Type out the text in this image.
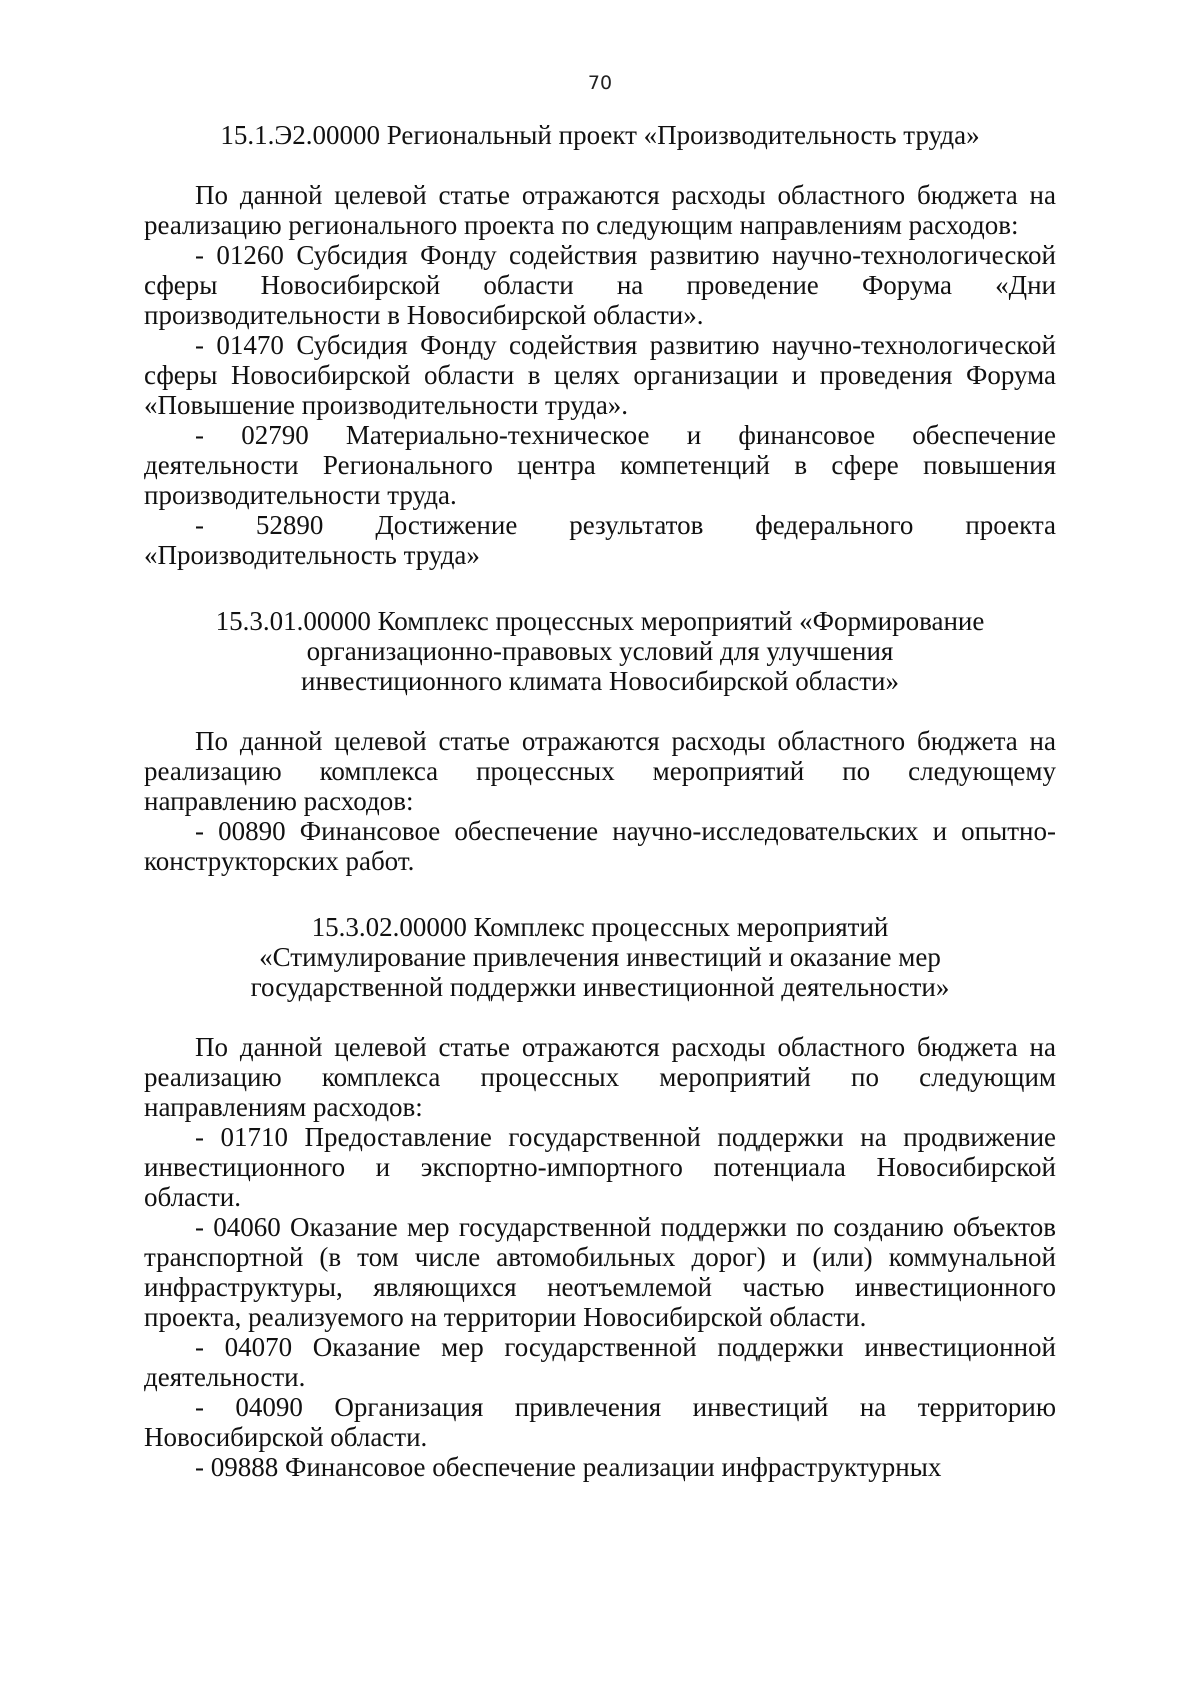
70

15.1.Э2.00000 Региональный проект «Производительность труда»

По данной целевой статье отражаются расходы областного бюджета на реализацию регионального проекта по следующим направлениям расходов:

- 01260 Субсидия Фонду содействия развитию научно-технологической сферы Новосибирской области на проведение Форума «Дни производительности в Новосибирской области».

- 01470 Субсидия Фонду содействия развитию научно-технологической сферы Новосибирской области в целях организации и проведения Форума «Повышение производительности труда».

- 02790 Материально-техническое и финансовое обеспечение деятельности Регионального центра компетенций в сфере повышения производительности труда.

- 52890 Достижение результатов федерального проекта «Производительность труда»

15.3.01.00000 Комплекс процессных мероприятий «Формирование
организационно-правовых условий для улучшения
инвестиционного климата Новосибирской области»

По данной целевой статье отражаются расходы областного бюджета на реализацию комплекса процессных мероприятий по следующему направлению расходов:

- 00890 Финансовое обеспечение научно-исследовательских и опытно-конструкторских работ.

15.3.02.00000 Комплекс процессных мероприятий
«Стимулирование привлечения инвестиций и оказание мер
государственной поддержки инвестиционной деятельности»

По данной целевой статье отражаются расходы областного бюджета на реализацию комплекса процессных мероприятий по следующим направлениям расходов:

- 01710 Предоставление государственной поддержки на продвижение инвестиционного и экспортно-импортного потенциала Новосибирской области.

- 04060 Оказание мер государственной поддержки по созданию объектов транспортной (в том числе автомобильных дорог) и (или) коммунальной инфраструктуры, являющихся неотъемлемой частью инвестиционного проекта, реализуемого на территории Новосибирской области.

- 04070 Оказание мер государственной поддержки инвестиционной деятельности.

- 04090 Организация привлечения инвестиций на территорию Новосибирской области.

- 09888 Финансовое обеспечение реализации инфраструктурных
